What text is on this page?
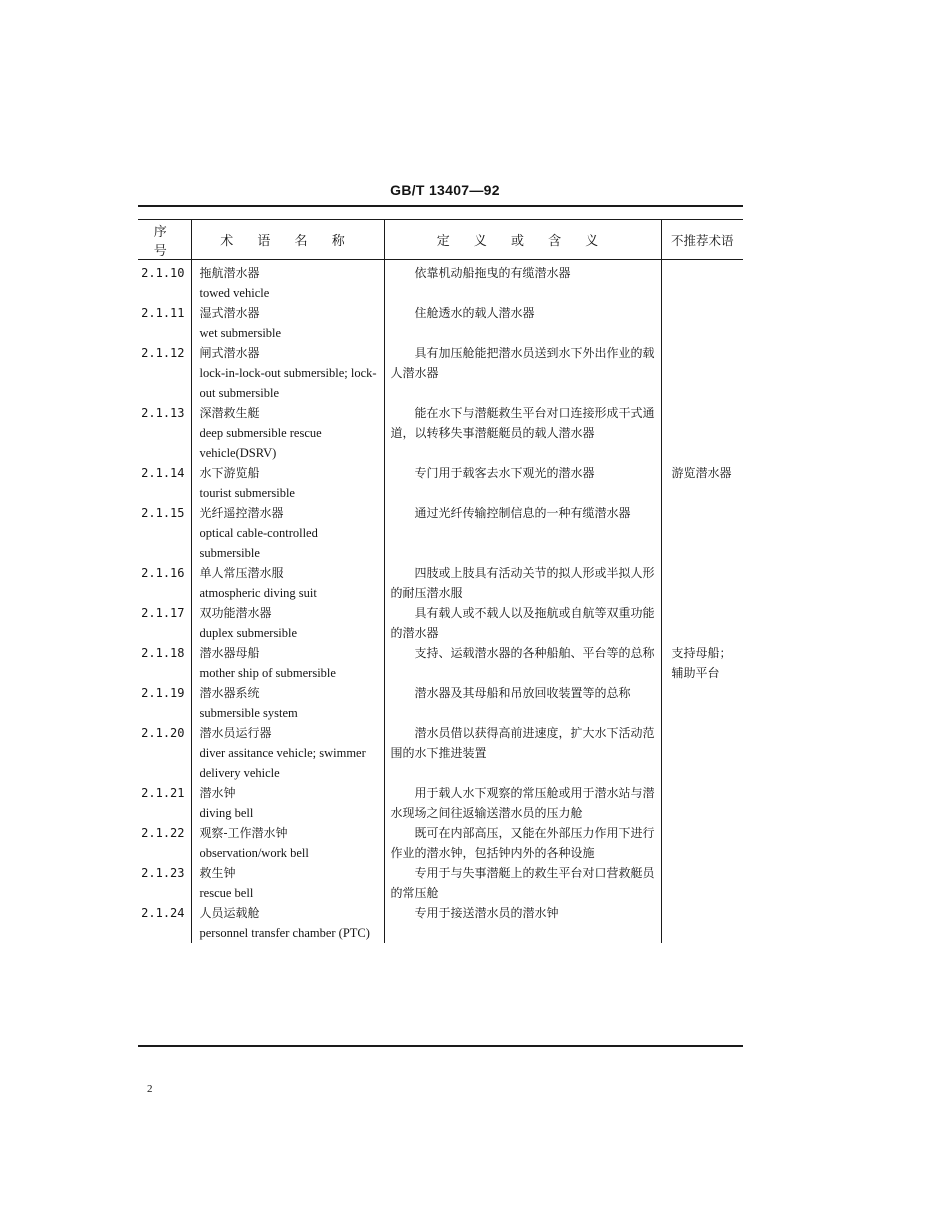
GB/T 13407—92
序 号	术 语 名 称	定 义 或 含 义	不推荐术语
2.1.10	拖航潜水器
towed vehicle	依靠机动船拖曳的有缆潜水器	
2.1.11	湿式潜水器
wet submersible	住舱透水的载人潜水器	
2.1.12	闸式潜水器
lock-in-lock-out submersible; lock-out submersible	具有加压舱能把潜水员送到水下外出作业的载人潜水器	
2.1.13	深潜救生艇
deep submersible rescue vehicle(DSRV)	能在水下与潜艇救生平台对口连接形成干式通道，以转移失事潜艇艇员的载人潜水器	
2.1.14	水下游览船
tourist submersible	专门用于载客去水下观光的潜水器	游览潜水器
2.1.15	光纤遥控潜水器
optical cable-controlled submersible	通过光纤传输控制信息的一种有缆潜水器	
2.1.16	单人常压潜水服
atmospheric diving suit	四肢或上肢具有活动关节的拟人形或半拟人形的耐压潜水服	
2.1.17	双功能潜水器
duplex submersible	具有载人或不载人以及拖航或自航等双重功能的潜水器	
2.1.18	潜水器母船
mother ship of submersible	支持、运载潜水器的各种船舶、平台等的总称	支持母船；辅助平台
2.1.19	潜水器系统
submersible system	潜水器及其母船和吊放回收装置等的总称	
2.1.20	潜水员运行器
diver assitance vehicle; swimmer delivery vehicle	潜水员借以获得高前进速度，扩大水下活动范围的水下推进装置	
2.1.21	潜水钟
diving bell	用于载人水下观察的常压舱或用于潜水站与潜水现场之间往返输送潜水员的压力舱	
2.1.22	观察-工作潜水钟
observation/work bell	既可在内部高压，又能在外部压力作用下进行作业的潜水钟，包括钟内外的各种设施	
2.1.23	救生钟
rescue bell	专用于与失事潜艇上的救生平台对口营救艇员的常压舱	
2.1.24	人员运载舱
personnel transfer chamber (PTC)	专用于接送潜水员的潜水钟	
2
